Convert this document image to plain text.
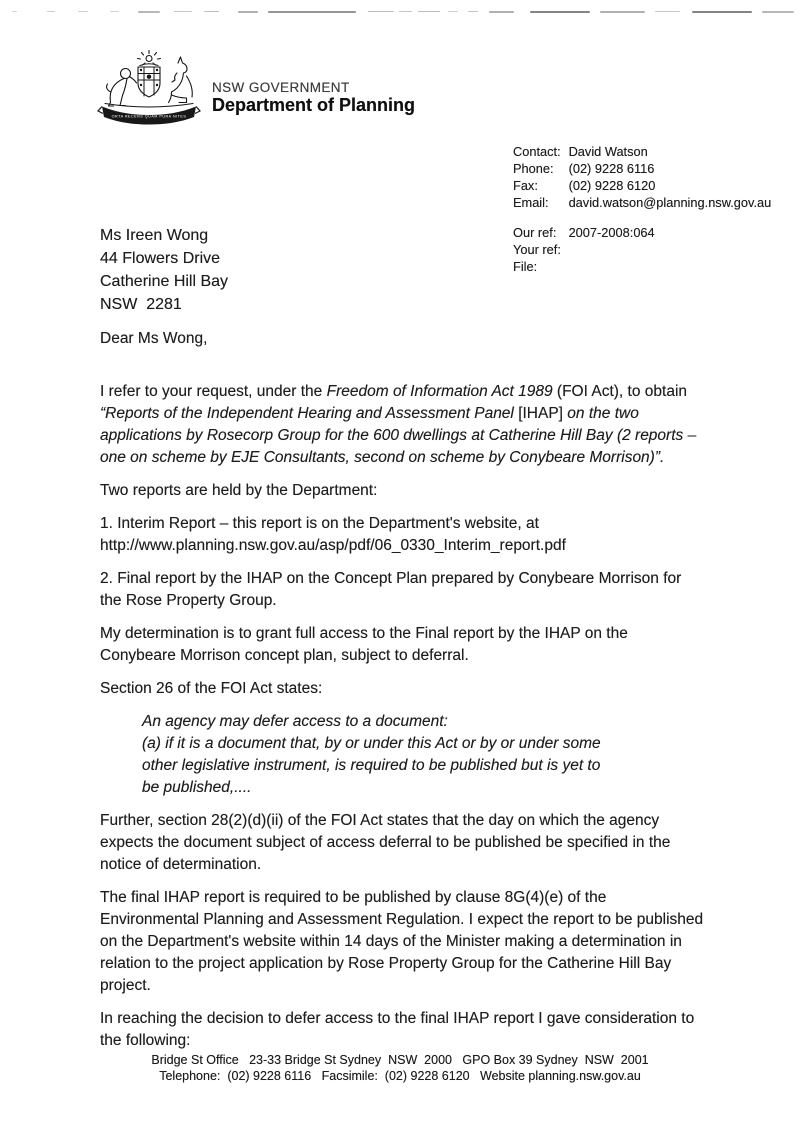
ORTA RECENS QUAM PURA NITES
NSW GOVERNMENT
Department of Planning
Contact: David Watson
Phone: (02) 9228 6116
Fax: (02) 9228 6120
Email: david.watson@planning.nsw.gov.au
Ms Ireen Wong
44 Flowers Drive
Catherine Hill Bay
NSW  2281
Our ref: 2007-2008:064
Your ref:
File:
Dear Ms Wong,

I refer to your request, under the Freedom of Information Act 1989 (FOI Act), to obtain
“Reports of the Independent Hearing and Assessment Panel [IHAP] on the two
applications by Rosecorp Group for the 600 dwellings at Catherine Hill Bay (2 reports –
one on scheme by EJE Consultants, second on scheme by Conybeare Morrison)”.

Two reports are held by the Department:

1. Interim Report – this report is on the Department's website, at
http://www.planning.nsw.gov.au/asp/pdf/06_0330_Interim_report.pdf

2. Final report by the IHAP on the Concept Plan prepared by Conybeare Morrison for
the Rose Property Group.

My determination is to grant full access to the Final report by the IHAP on the
Conybeare Morrison concept plan, subject to deferral.

Section 26 of the FOI Act states:

An agency may defer access to a document:
(a) if it is a document that, by or under this Act or by or under some
other legislative instrument, is required to be published but is yet to
be published,....

Further, section 28(2)(d)(ii) of the FOI Act states that the day on which the agency
expects the document subject of access deferral to be published be specified in the
notice of determination.

The final IHAP report is required to be published by clause 8G(4)(e) of the
Environmental Planning and Assessment Regulation. I expect the report to be published
on the Department's website within 14 days of the Minister making a determination in
relation to the project application by Rose Property Group for the Catherine Hill Bay
project.

In reaching the decision to defer access to the final IHAP report I gave consideration to
the following:

Bridge St Office   23-33 Bridge St Sydney  NSW  2000   GPO Box 39 Sydney  NSW  2001
Telephone:  (02) 9228 6116   Facsimile:  (02) 9228 6120   Website planning.nsw.gov.au
